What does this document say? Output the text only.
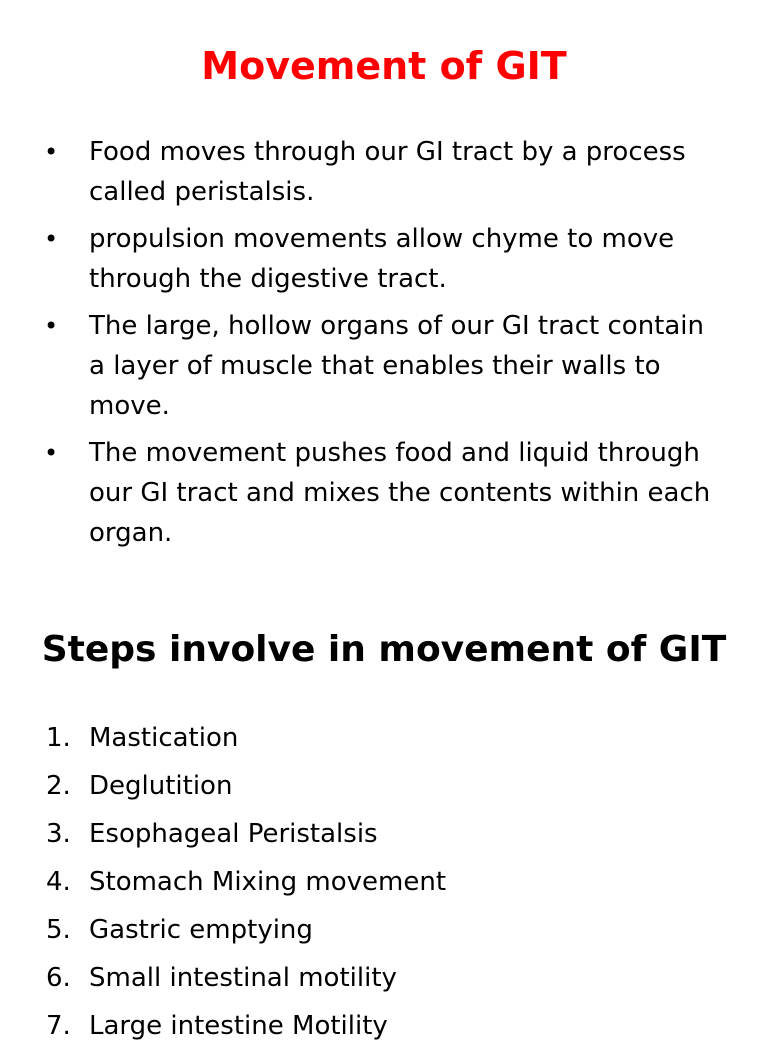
Movement of GIT
• Food moves through our GI tract by a process called peristalsis.
• propulsion movements allow chyme to move through the digestive tract.
• The large, hollow organs of our GI tract contain a layer of muscle that enables their walls to move.
• The movement pushes food and liquid through our GI tract and mixes the contents within each organ.
Steps involve in movement of GIT
1. Mastication
2. Deglutition
3. Esophageal Peristalsis
4. Stomach Mixing movement
5. Gastric emptying
6. Small intestinal motility
7. Large intestine Motility
